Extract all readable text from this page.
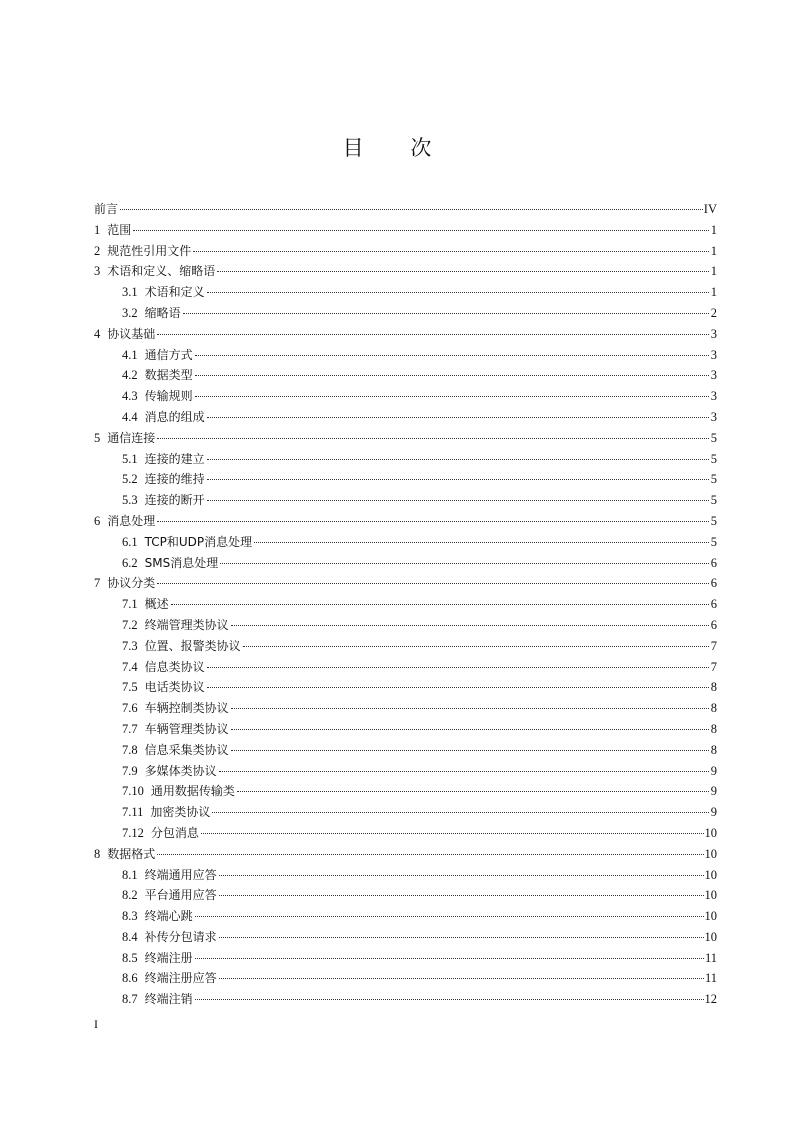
目 次
前言	IV
1 范围	1
2 规范性引用文件	1
3 术语和定义、缩略语	1
3.1 术语和定义	1
3.2 缩略语	2
4 协议基础	3
4.1 通信方式	3
4.2 数据类型	3
4.3 传输规则	3
4.4 消息的组成	3
5 通信连接	5
5.1 连接的建立	5
5.2 连接的维持	5
5.3 连接的断开	5
6 消息处理	5
6.1 TCP和UDP消息处理	5
6.2 SMS消息处理	6
7 协议分类	6
7.1 概述	6
7.2 终端管理类协议	6
7.3 位置、报警类协议	7
7.4 信息类协议	7
7.5 电话类协议	8
7.6 车辆控制类协议	8
7.7 车辆管理类协议	8
7.8 信息采集类协议	8
7.9 多媒体类协议	9
7.10 通用数据传输类	9
7.11 加密类协议	9
7.12 分包消息	10
8 数据格式	10
8.1 终端通用应答	10
8.2 平台通用应答	10
8.3 终端心跳	10
8.4 补传分包请求	10
8.5 终端注册	11
8.6 终端注册应答	11
8.7 终端注销	12
I
